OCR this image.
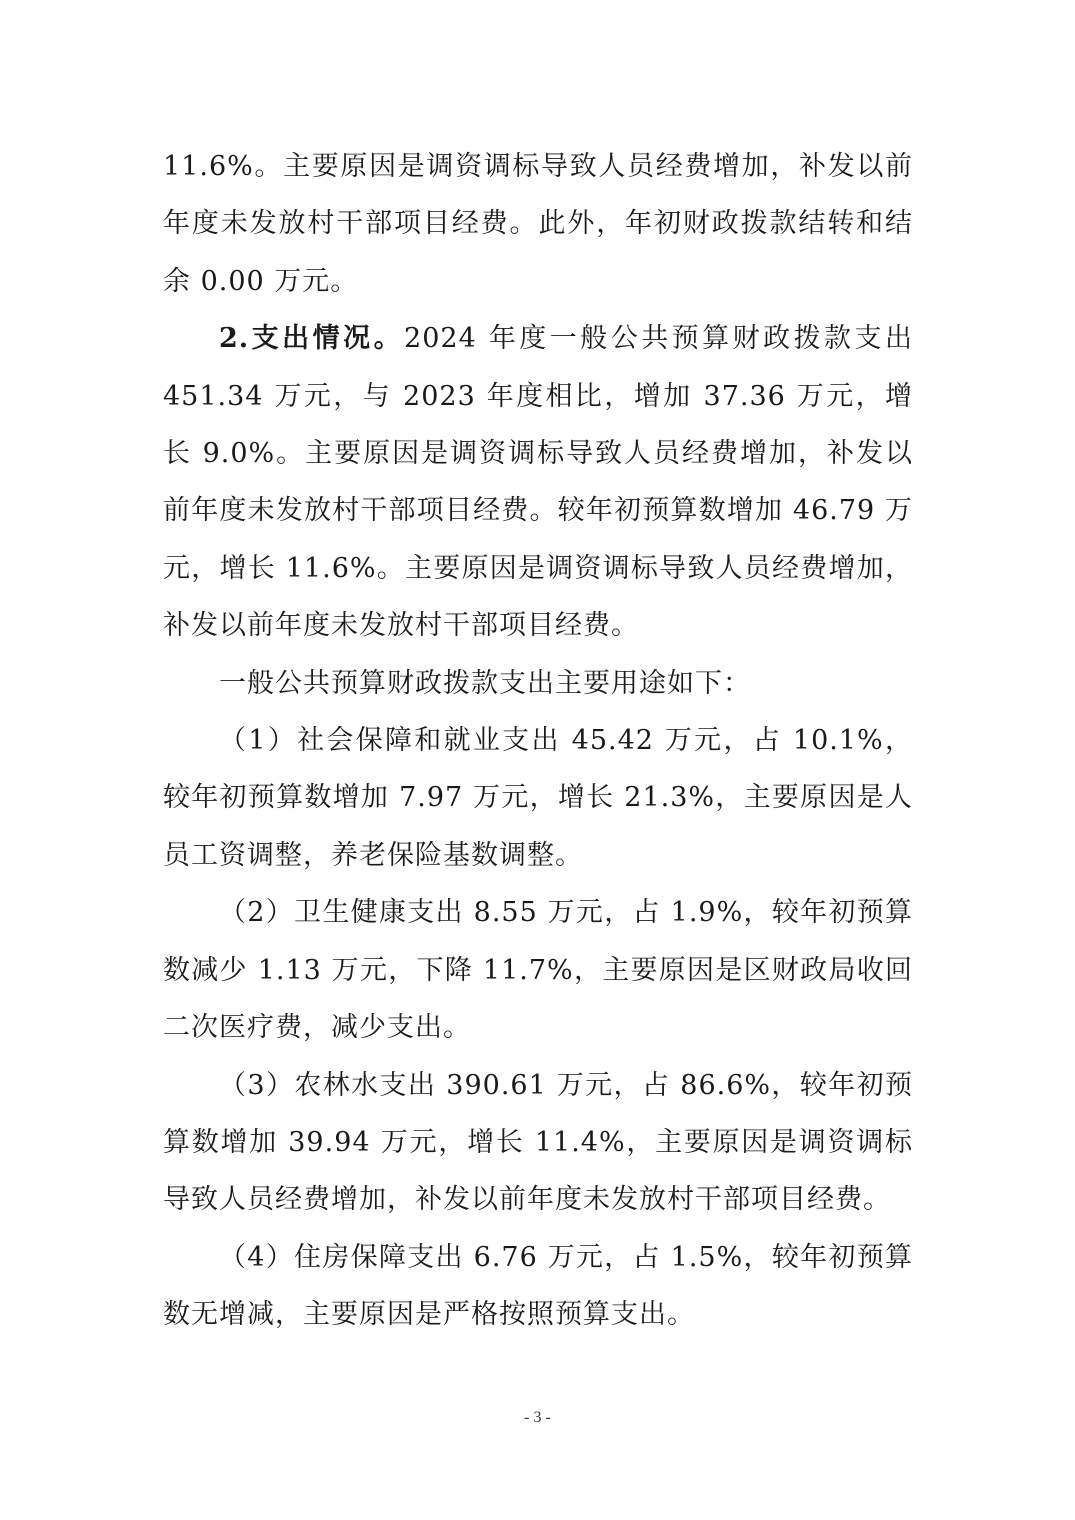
11.6%。主要原因是调资调标导致人员经费增加，补发以前年度未发放村干部项目经费。此外，年初财政拨款结转和结余 0.00 万元。

2.支出情况。2024 年度一般公共预算财政拨款支出 451.34 万元，与 2023 年度相比，增加 37.36 万元，增长 9.0%。主要原因是调资调标导致人员经费增加，补发以前年度未发放村干部项目经费。较年初预算数增加 46.79 万元，增长 11.6%。主要原因是调资调标导致人员经费增加，补发以前年度未发放村干部项目经费。

一般公共预算财政拨款支出主要用途如下：

（1）社会保障和就业支出 45.42 万元，占 10.1%，较年初预算数增加 7.97 万元，增长 21.3%，主要原因是人员工资调整，养老保险基数调整。

（2）卫生健康支出 8.55 万元，占 1.9%，较年初预算数减少 1.13 万元，下降 11.7%，主要原因是区财政局收回二次医疗费，减少支出。

（3）农林水支出 390.61 万元，占 86.6%，较年初预算数增加 39.94 万元，增长 11.4%，主要原因是调资调标导致人员经费增加，补发以前年度未发放村干部项目经费。

（4）住房保障支出 6.76 万元，占 1.5%，较年初预算数无增减，主要原因是严格按照预算支出。

- 3 -
